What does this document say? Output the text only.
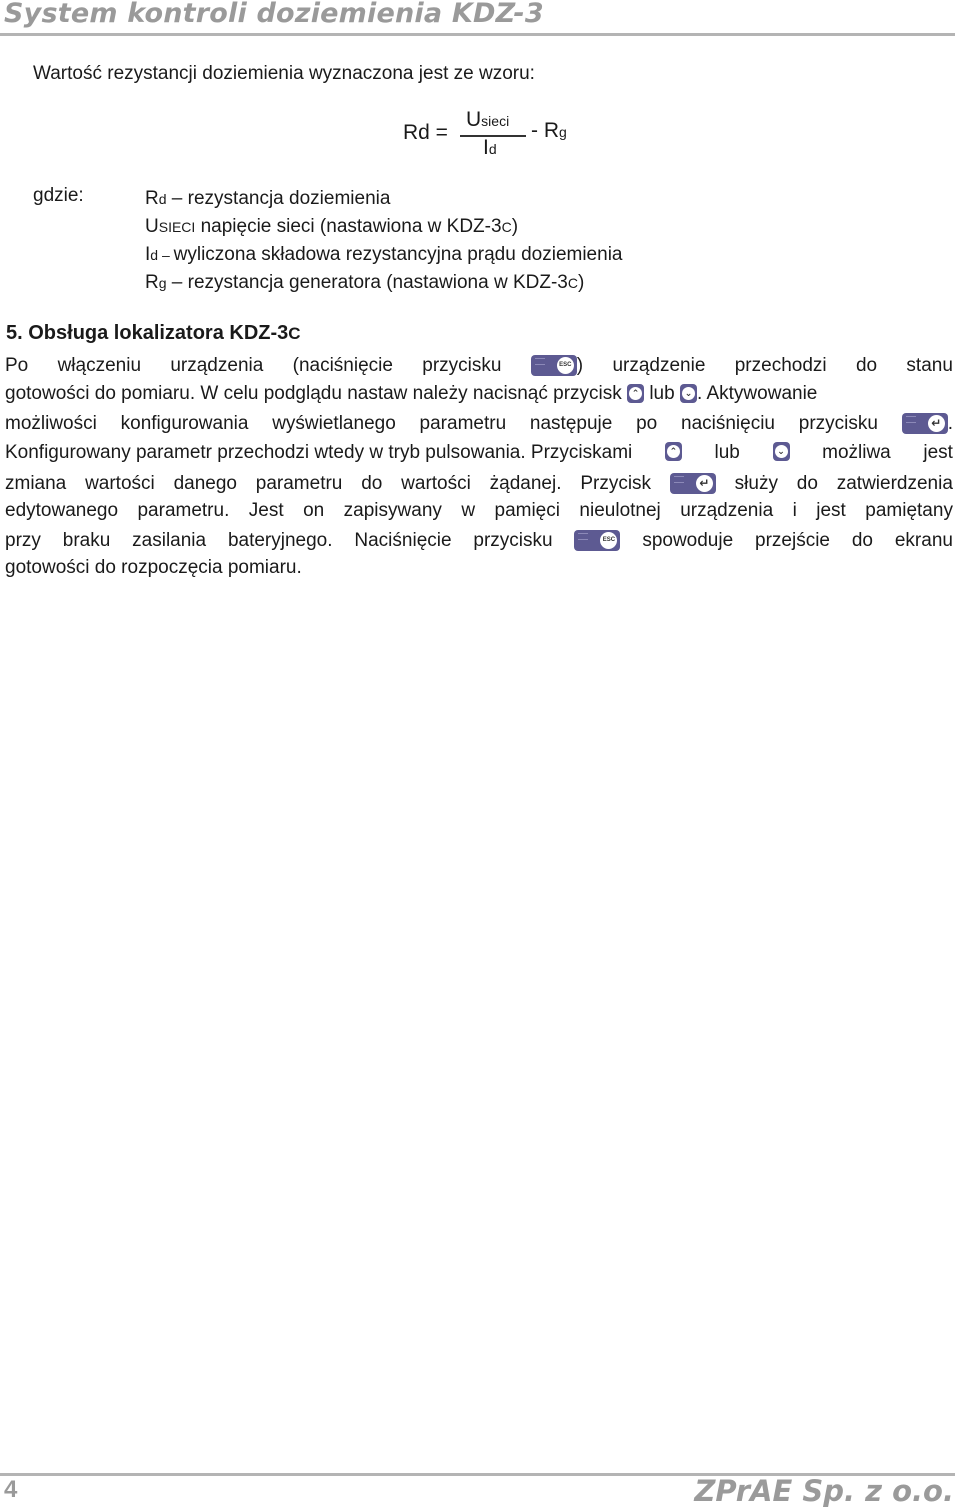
System kontroli doziemienia KDZ-3
Wartość rezystancji doziemienia wyznaczona jest ze wzoru:
Rd =
Usieci
Id
- Rg
gdzie:	Rd – rezystancja doziemienia
USIECI napięcie sieci (nastawiona w KDZ-3C)
Id – wyliczona składowa rezystancyjna prądu doziemienia
Rg – rezystancja generatora (nastawiona w KDZ-3C)
5. Obsługa lokalizatora KDZ-3C
Po włączeniu urządzenia (naciśnięcie przycisku	ESC ) urządzenie przechodzi do stanu
gotowości do pomiaru. W celu podglądu nastaw należy nacisnąć przycisk	⌃ lub	⌄ . Aktywowanie
możliwości konfigurowania wyświetlanego parametru następuje po naciśnięciu przycisku	↵ .
Konfigurowany parametr przechodzi wtedy w tryb pulsowania. Przyciskami	⌃ lub	⌄ możliwa jest
zmiana wartości danego parametru do wartości żądanej. Przycisk	↵ służy do zatwierdzenia
edytowanego parametru. Jest on zapisywany w pamięci nieulotnej urządzenia i jest pamiętany
przy braku zasilania bateryjnego. Naciśnięcie przycisku	ESC spowoduje przejście do ekranu
gotowości do rozpoczęcia pomiaru.
4	ZPrAE Sp. z o.o.
